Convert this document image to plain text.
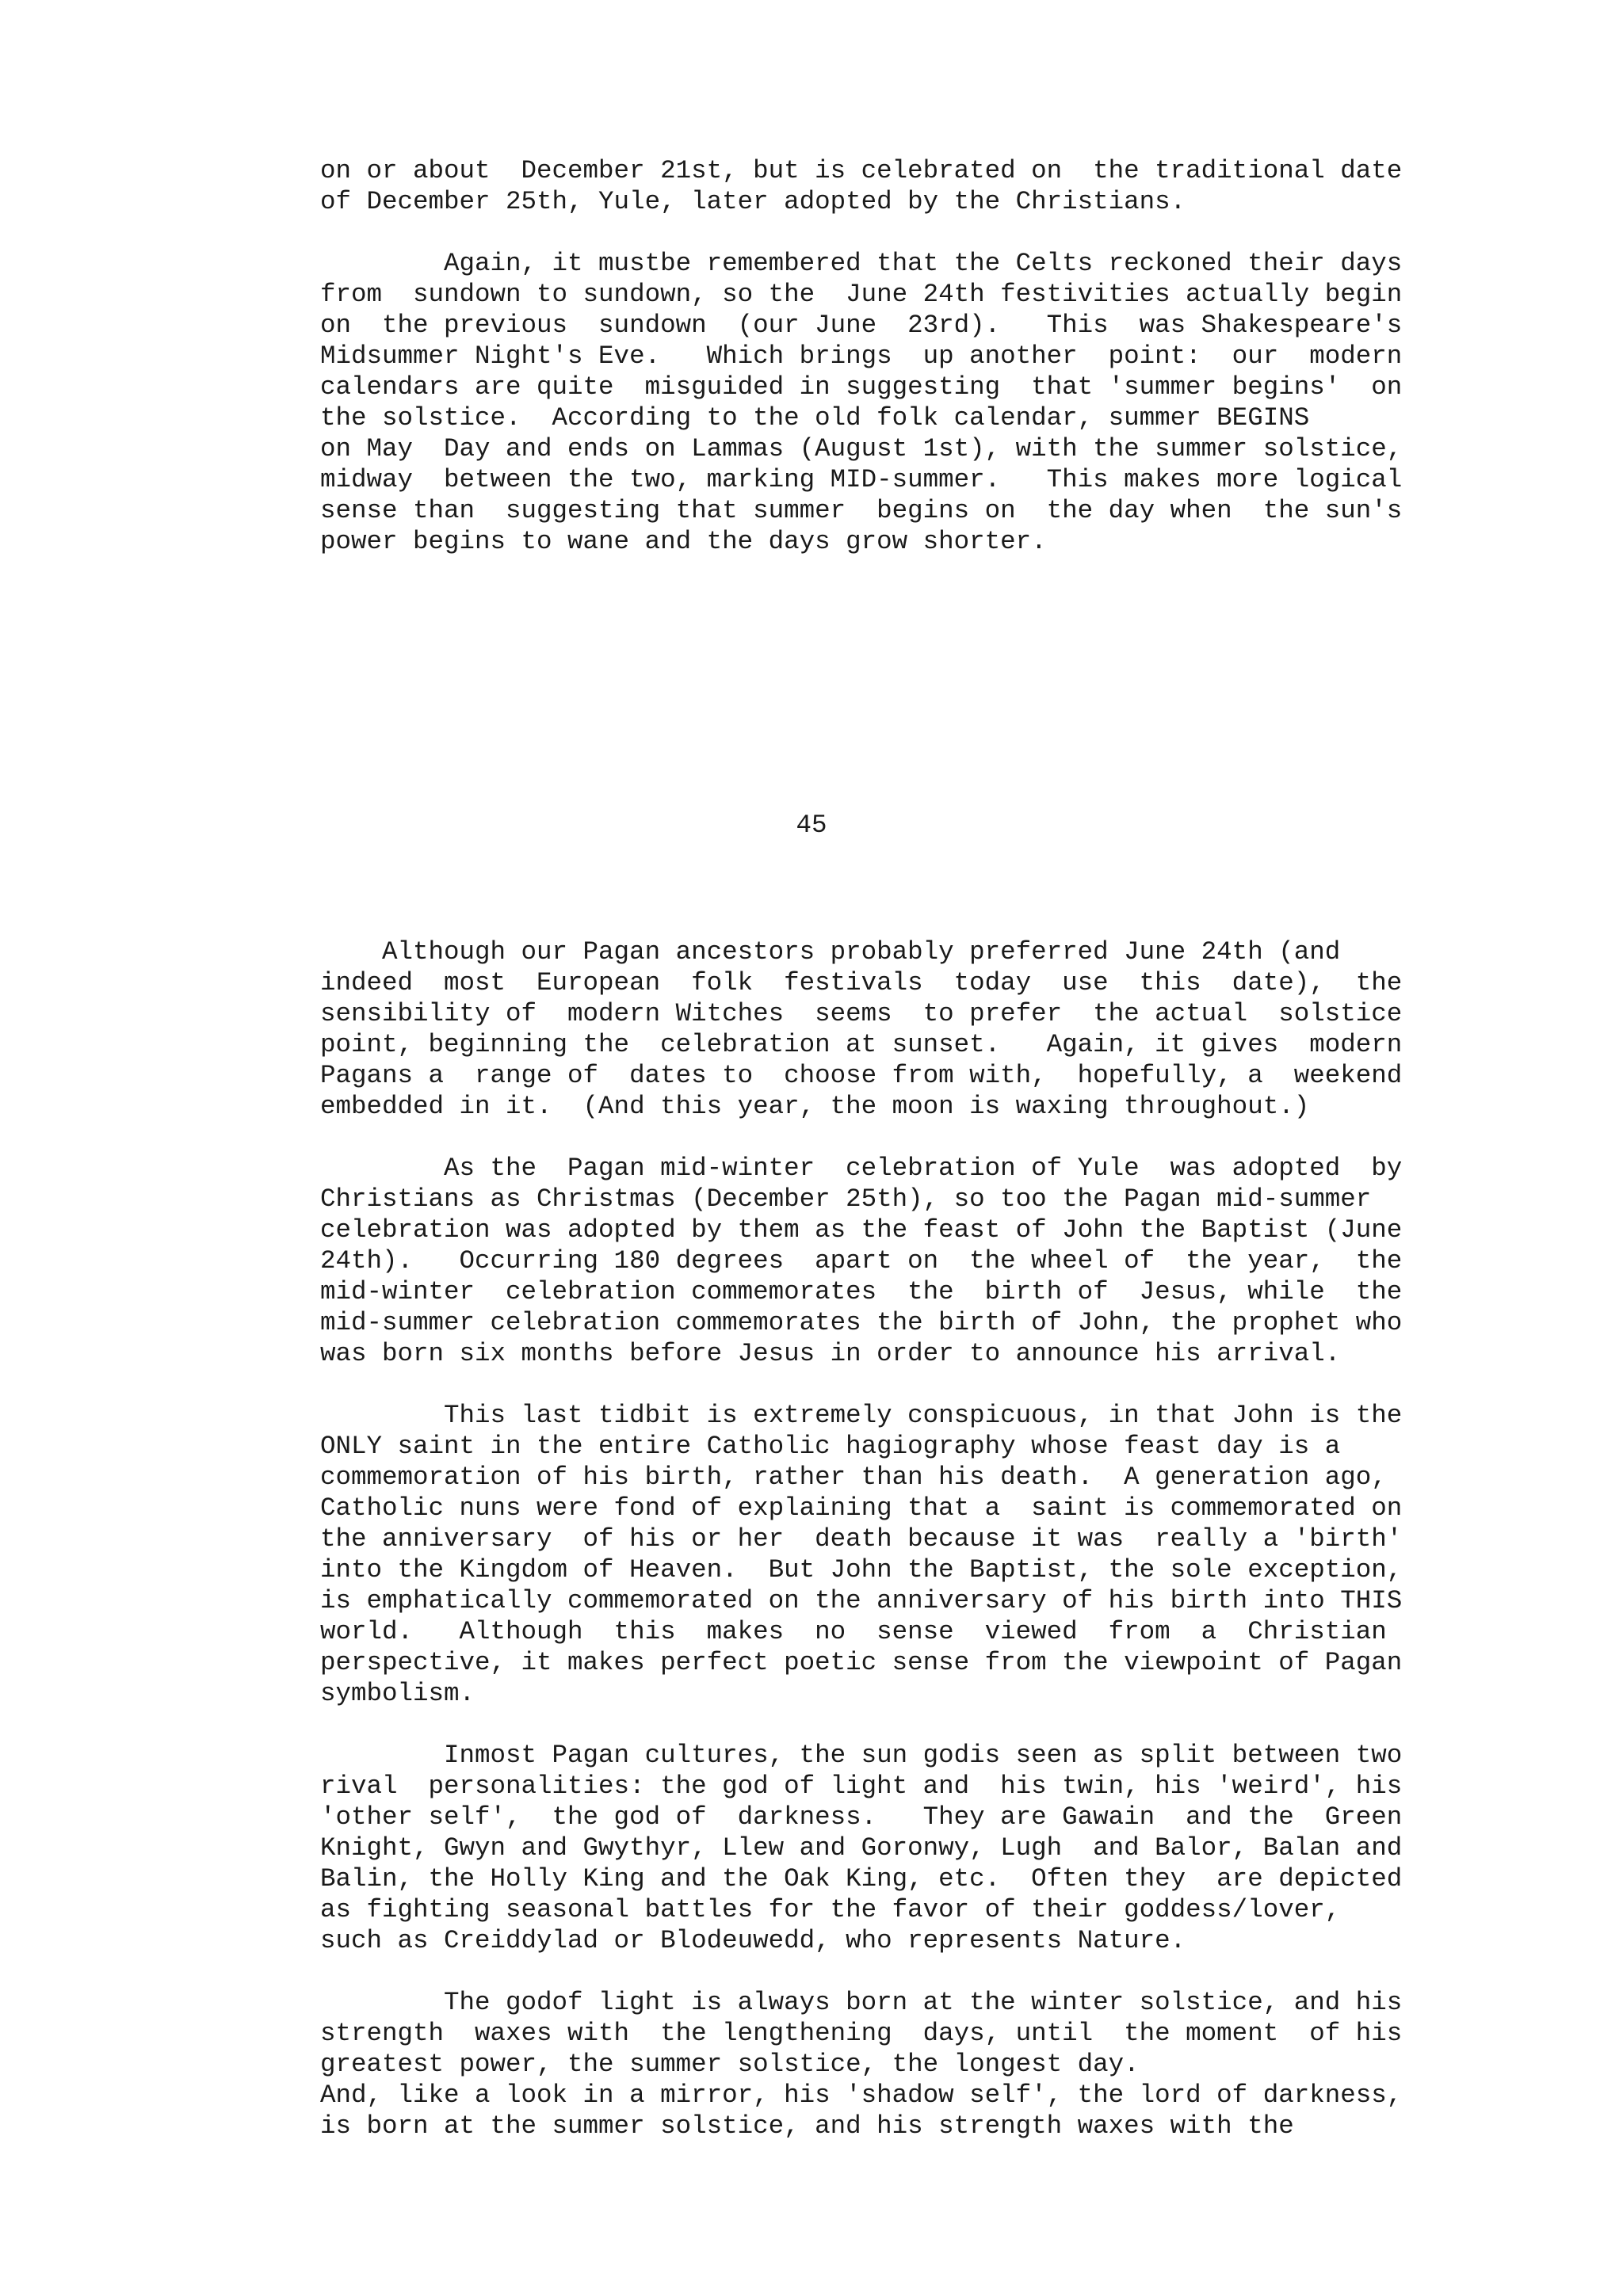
on or about  December 21st, but is celebrated on  the traditional date
of December 25th, Yule, later adopted by the Christians.

Again, it mustbe remembered that the Celts reckoned their days
from  sundown to sundown, so the  June 24th festivities actually begin
on  the previous  sundown  (our June  23rd).   This  was Shakespeare's
Midsummer Night's Eve.   Which brings  up another  point:  our  modern
calendars are quite  misguided in suggesting  that 'summer begins'  on
the solstice.  According to the old folk calendar, summer BEGINS
on May  Day and ends on Lammas (August 1st), with the summer solstice,
midway  between the two, marking MID-summer.   This makes more logical
sense than  suggesting that summer  begins on  the day when  the sun's
power begins to wane and the days grow shorter.

45

Although our Pagan ancestors probably preferred June 24th (and
indeed  most  European  folk  festivals  today  use  this  date),  the
sensibility of  modern Witches  seems  to prefer  the actual  solstice
point, beginning the  celebration at sunset.   Again, it gives  modern
Pagans a  range of  dates to  choose from with,  hopefully, a  weekend
embedded in it.  (And this year, the moon is waxing throughout.)

As the  Pagan mid-winter  celebration of Yule  was adopted  by
Christians as Christmas (December 25th), so too the Pagan mid-summer
celebration was adopted by them as the feast of John the Baptist (June
24th).   Occurring 180 degrees  apart on  the wheel of  the year,  the
mid-winter  celebration commemorates  the  birth of  Jesus, while  the
mid-summer celebration commemorates the birth of John, the prophet who
was born six months before Jesus in order to announce his arrival.

This last tidbit is extremely conspicuous, in that John is the
ONLY saint in the entire Catholic hagiography whose feast day is a
commemoration of his birth, rather than his death.  A generation ago,
Catholic nuns were fond of explaining that a  saint is commemorated on
the anniversary  of his or her  death because it was  really a 'birth'
into the Kingdom of Heaven.  But John the Baptist, the sole exception,
is emphatically commemorated on the anniversary of his birth into THIS
world.   Although  this  makes  no  sense  viewed  from  a  Christian
perspective, it makes perfect poetic sense from the viewpoint of Pagan
symbolism.

Inmost Pagan cultures, the sun godis seen as split between two
rival  personalities: the god of light and  his twin, his 'weird', his
'other self',  the god of  darkness.   They are Gawain  and the  Green
Knight, Gwyn and Gwythyr, Llew and Goronwy, Lugh  and Balor, Balan and
Balin, the Holly King and the Oak King, etc.  Often they  are depicted
as fighting seasonal battles for the favor of their goddess/lover,
such as Creiddylad or Blodeuwedd, who represents Nature.

The godof light is always born at the winter solstice, and his
strength  waxes with  the lengthening  days, until  the moment  of his
greatest power, the summer solstice, the longest day.
And, like a look in a mirror, his 'shadow self', the lord of darkness,
is born at the summer solstice, and his strength waxes with the
